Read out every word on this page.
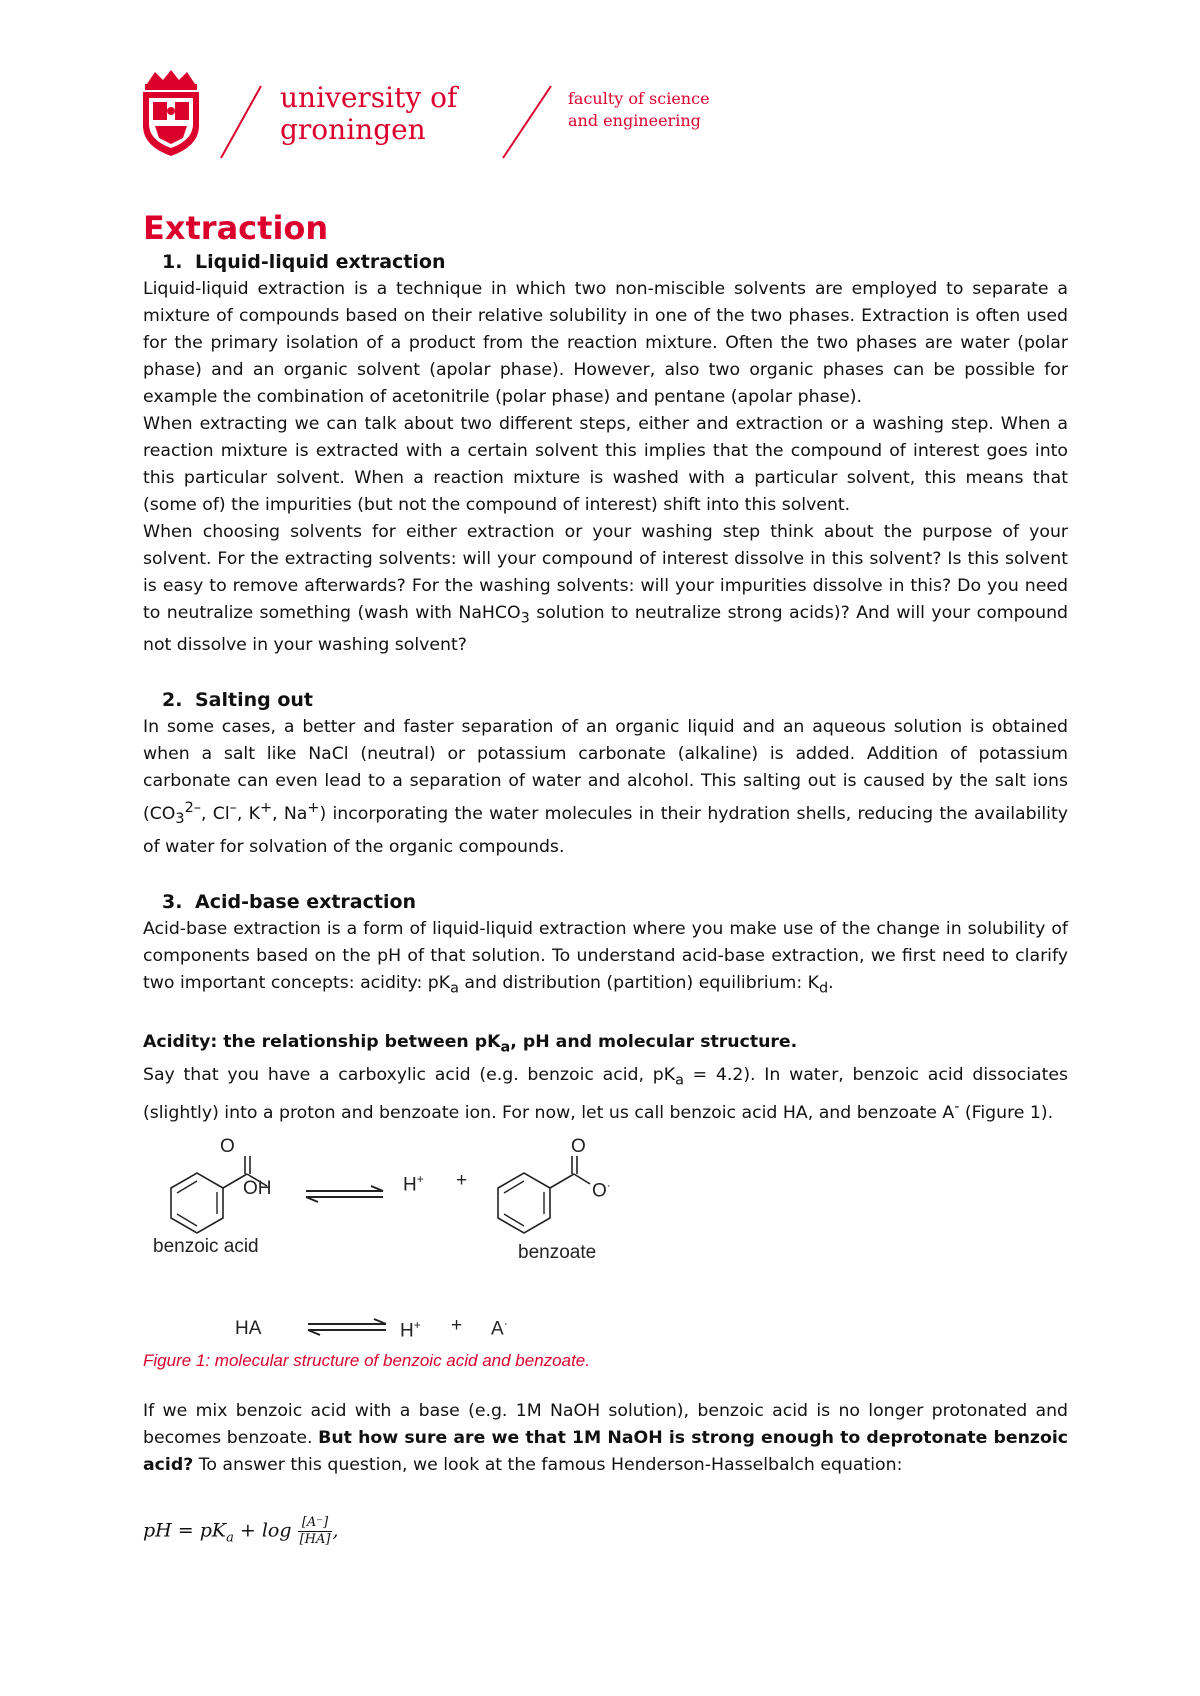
university of
groningen
faculty of science
and engineering
Extraction
1. Liquid-liquid extraction

Liquid-liquid extraction is a technique in which two non-miscible solvents are employed to separate a mixture of compounds based on their relative solubility in one of the two phases. Extraction is often used for the primary isolation of a product from the reaction mixture. Often the two phases are water (polar phase) and an organic solvent (apolar phase). However, also two organic phases can be possible for example the combination of acetonitrile (polar phase) and pentane (apolar phase).

When extracting we can talk about two different steps, either and extraction or a washing step. When a reaction mixture is extracted with a certain solvent this implies that the compound of interest goes into this particular solvent. When a reaction mixture is washed with a particular solvent, this means that (some of) the impurities (but not the compound of interest) shift into this solvent.

When choosing solvents for either extraction or your washing step think about the purpose of your solvent. For the extracting solvents: will your compound of interest dissolve in this solvent? Is this solvent is easy to remove afterwards? For the washing solvents: will your impurities dissolve in this? Do you need to neutralize something (wash with NaHCO$_3$ solution to neutralize strong acids)? And will your compound not dissolve in your washing solvent?

2. Salting out

In some cases, a better and faster separation of an organic liquid and an aqueous solution is obtained when a salt like NaCl (neutral) or potassium carbonate (alkaline) is added. Addition of potassium carbonate can even lead to a separation of water and alcohol. This salting out is caused by the salt ions ($CO_3^{2-}$, Cl–, K+, Na+) incorporating the water molecules in their hydration shells, reducing the availability of water for solvation of the organic compounds.

3. Acid-base extraction

Acid-base extraction is a form of liquid-liquid extraction where you make use of the change in solubility of components based on the pH of that solution. To understand acid-base extraction, we first need to clarify two important concepts: acidity: $pK_a$ and distribution (partition) equilibrium: $K_d$.

Acidity: the relationship between $pK_a$, pH and molecular structure.

Say that you have a carboxylic acid (e.g. benzoic acid, $pK_a = 4.2$). In water, benzoic acid dissociates (slightly) into a proton and benzoate ion. For now, let us call benzoic acid HA, and benzoate A- (Figure 1).

O
OH	H+ +
O
O·
benzoic acid	benzoate
HA	H+ + A·
Figure 1: molecular structure of benzoic acid and benzoate.

If we mix benzoic acid with a base (e.g. 1M NaOH solution), benzoic acid is no longer protonated and becomes benzoate. But how sure are we that 1M NaOH is strong enough to deprotonate benzoic acid? To answer this question, we look at the famous Henderson-Hasselbalch equation:

pH = $pK_a + \log \frac{[A^-]}{[HA]}$ ,
